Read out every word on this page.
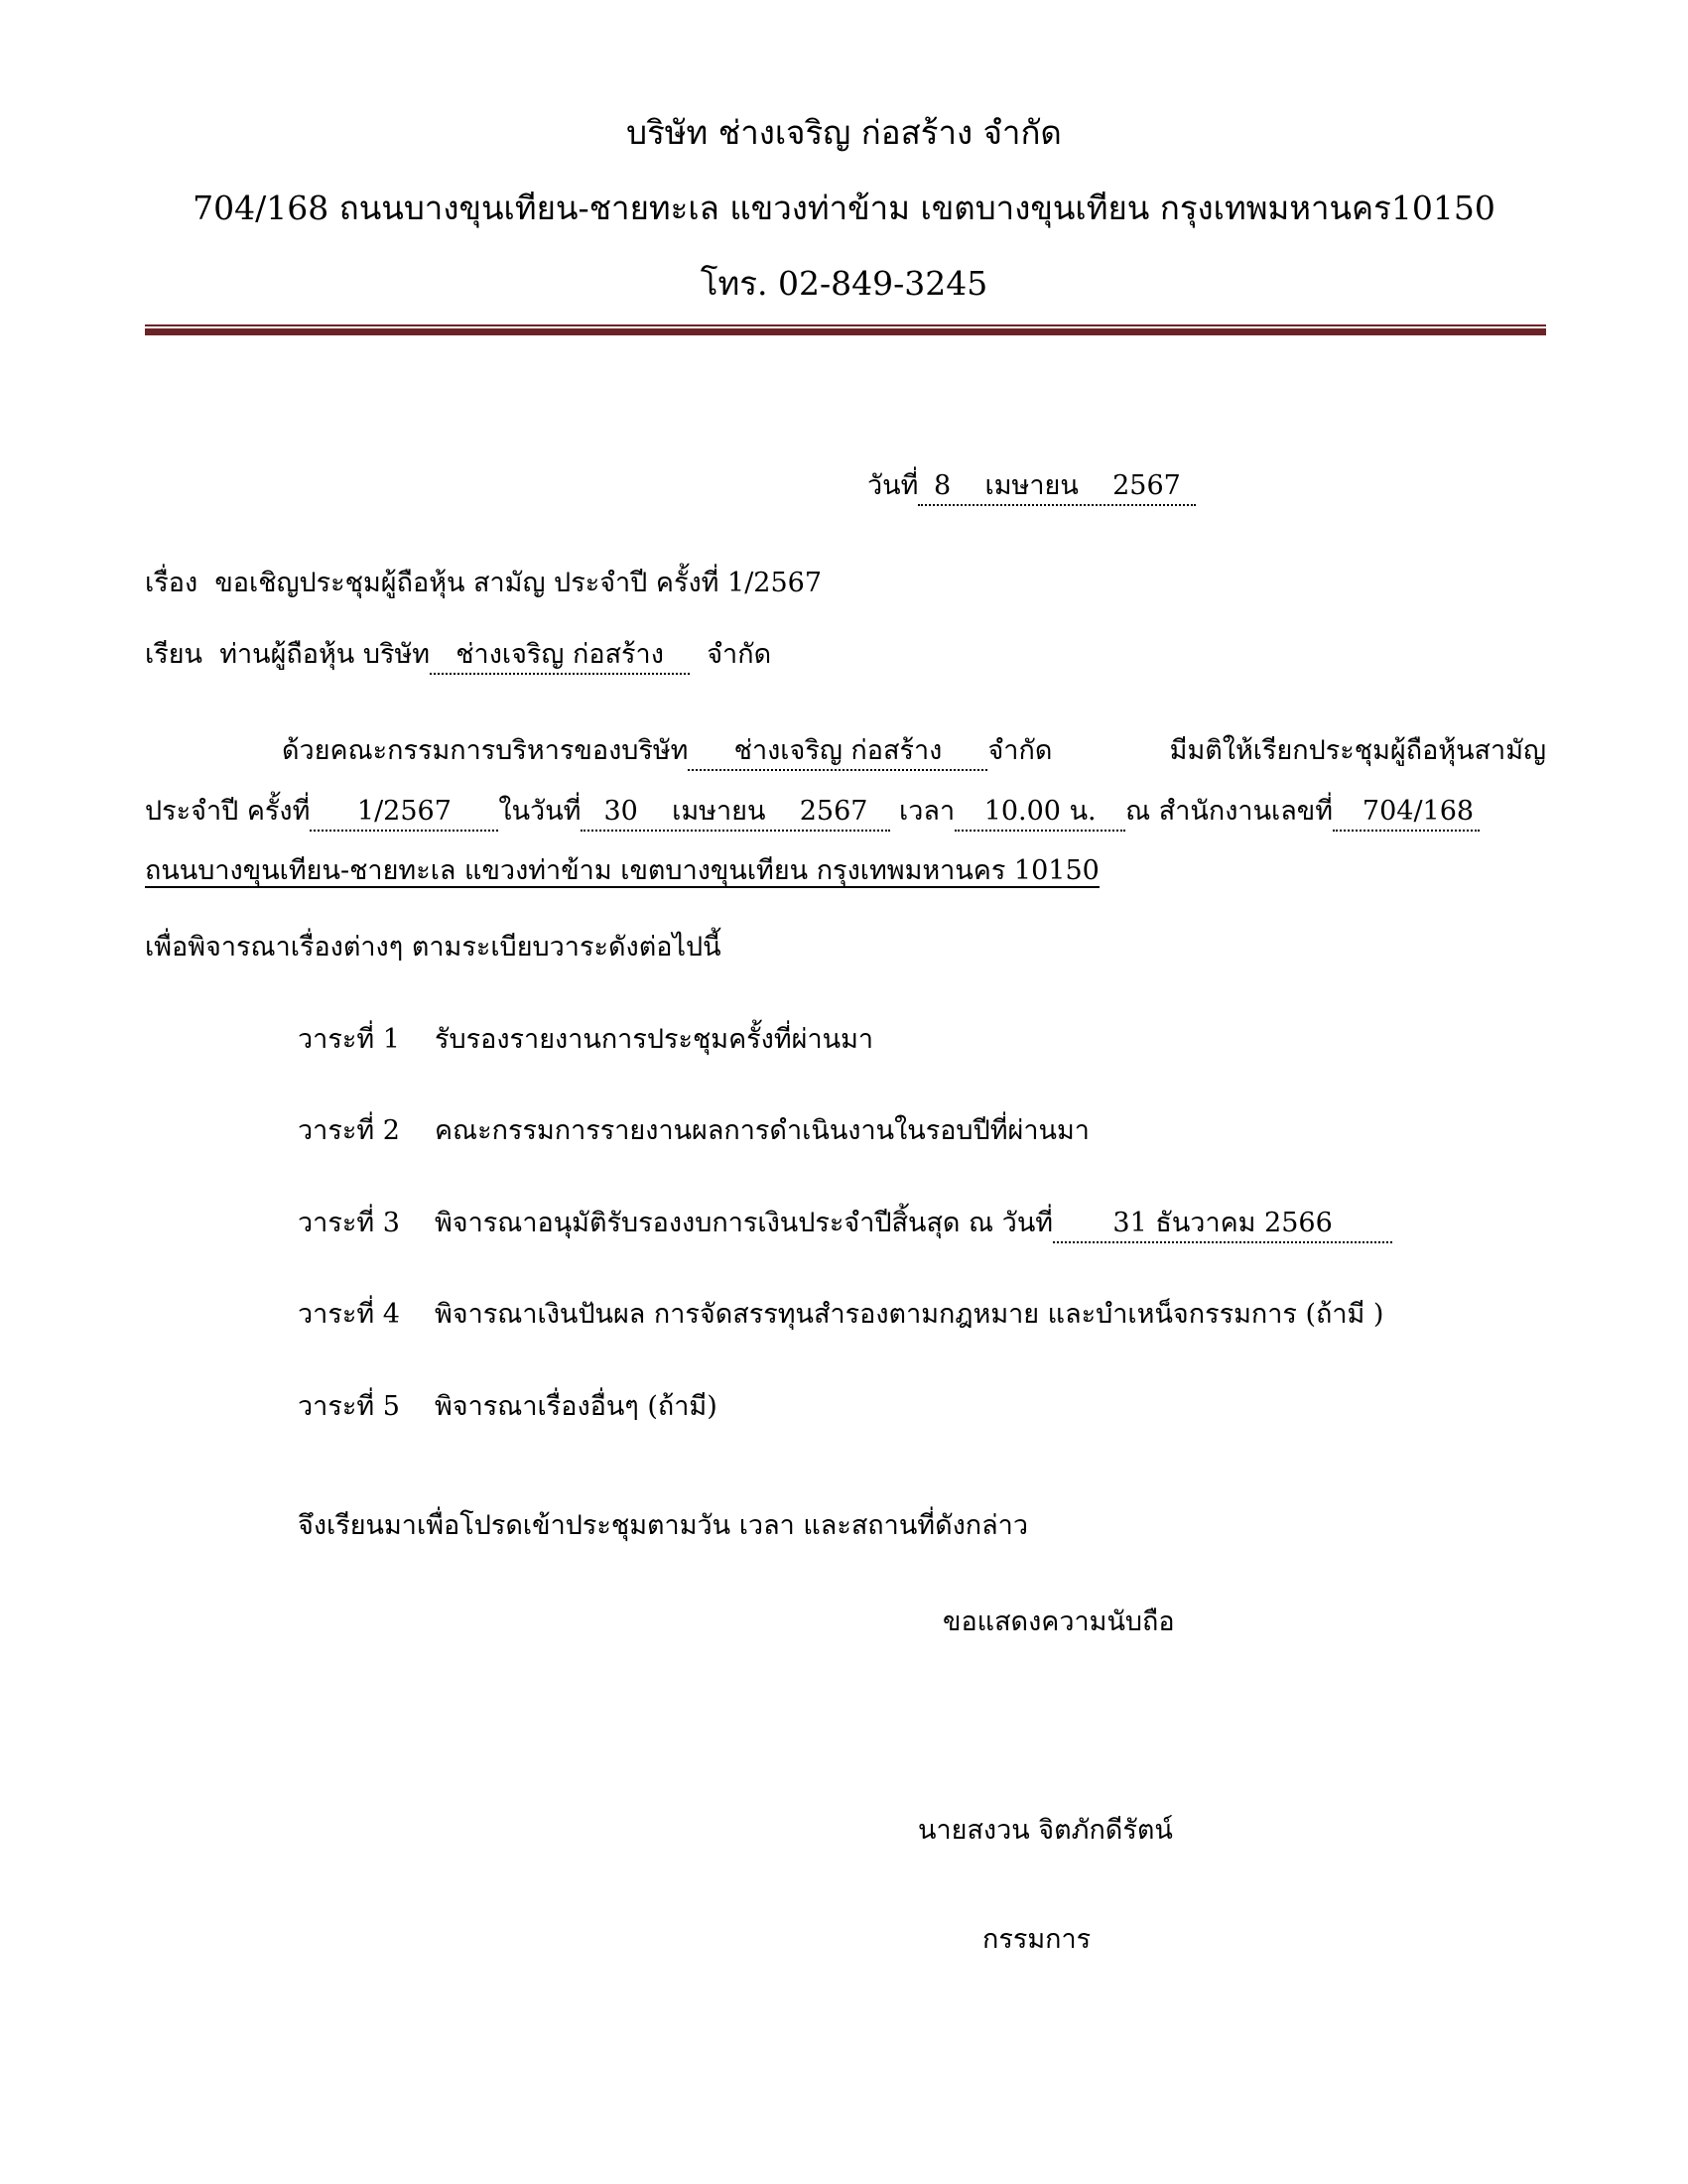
บริษัท ช่างเจริญ ก่อสร้าง จำกัด
704/168 ถนนบางขุนเทียน-ชายทะเล แขวงท่าข้าม เขตบางขุนเทียน กรุงเทพมหานคร10150
โทร. 02-849-3245
วันที่ 8 เมษายน 2567
เรื่อง ขอเชิญประชุมผู้ถือหุ้น สามัญ ประจำปี ครั้งที่ 1/2567
เรียน ท่านผู้ถือหุ้น บริษัท ช่างเจริญ ก่อสร้าง จำกัด
ด้วยคณะกรรมการบริหารของบริษัท ช่างเจริญ ก่อสร้าง จำกัด	มีมติให้เรียกประชุมผู้ถือหุ้นสามัญ
ประจำปี ครั้งที่ 1/2567 ในวันที่ 30 เมษายน 2567 เวลา 10.00 น. ณ สำนักงานเลขที่ 704/168
ถนนบางขุนเทียน-ชายทะเล แขวงท่าข้าม เขตบางขุนเทียน กรุงเทพมหานคร 10150
เพื่อพิจารณาเรื่องต่างๆ ตามระเบียบวาระดังต่อไปนี้
วาระที่ 1 รับรองรายงานการประชุมครั้งที่ผ่านมา
วาระที่ 2 คณะกรรมการรายงานผลการดำเนินงานในรอบปีที่ผ่านมา
วาระที่ 3 พิจารณาอนุมัติรับรองงบการเงินประจำปีสิ้นสุด ณ วันที่ 31 ธันวาคม 2566
วาระที่ 4 พิจารณาเงินปันผล การจัดสรรทุนสำรองตามกฎหมาย และบำเหน็จกรรมการ (ถ้ามี )
วาระที่ 5 พิจารณาเรื่องอื่นๆ (ถ้ามี)
จึงเรียนมาเพื่อโปรดเข้าประชุมตามวัน เวลา และสถานที่ดังกล่าว
ขอแสดงความนับถือ
นายสงวน จิตภักดีรัตน์
กรรมการ
